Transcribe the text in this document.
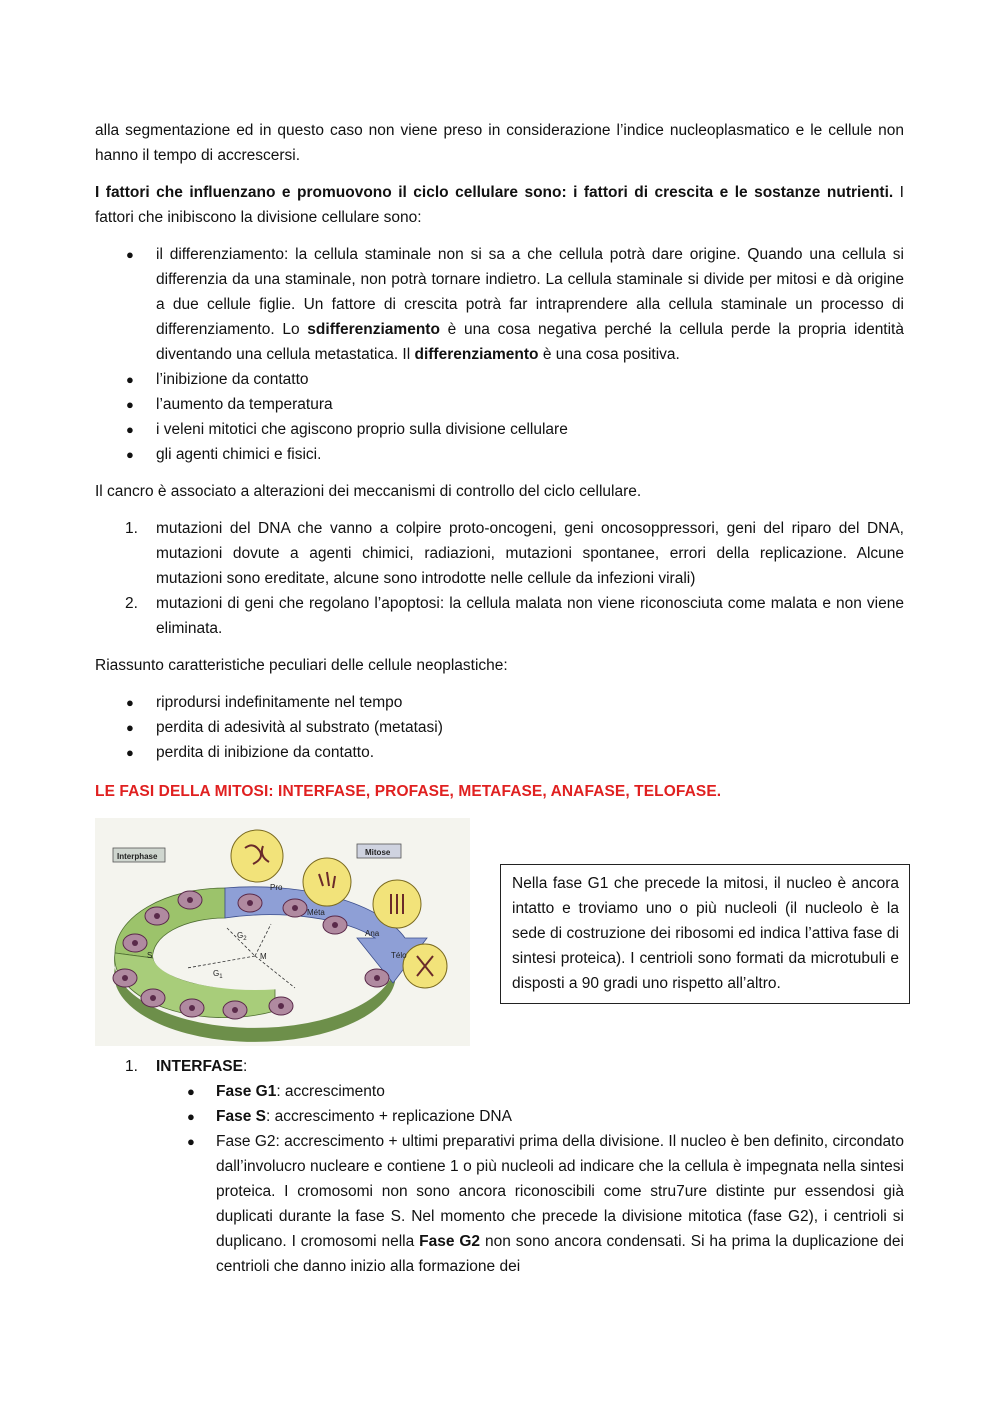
alla segmentazione ed in questo caso non viene preso in considerazione l’indice nucleoplasmatico e le cellule non hanno il tempo di accrescersi.

I fattori che influenzano e promuovono il ciclo cellulare sono: i fattori di crescita e le sostanze nutrienti. I fattori che inibiscono la divisione cellulare sono:

● il differenziamento: la cellula staminale non si sa a che cellula potrà dare origine. Quando una cellula si differenzia da una staminale, non potrà tornare indietro. La cellula staminale si divide per mitosi e dà origine a due cellule figlie. Un fattore di crescita potrà far intraprendere alla cellula staminale un processo di differenziamento. Lo sdifferenziamento è una cosa negativa perché la cellula perde la propria identità diventando una cellula metastatica. Il differenziamento è una cosa positiva.
● l’inibizione da contatto
● l’aumento da temperatura
● i veleni mitotici che agiscono proprio sulla divisione cellulare
● gli agenti chimici e fisici.

Il cancro è associato a alterazioni dei meccanismi di controllo del ciclo cellulare.

1. mutazioni del DNA che vanno a colpire proto-oncogeni, geni oncosoppressori, geni del riparo del DNA, mutazioni dovute a agenti chimici, radiazioni, mutazioni spontanee, errori della replicazione. Alcune mutazioni sono ereditate, alcune sono introdotte nelle cellule da infezioni virali)
2. mutazioni di geni che regolano l’apoptosi: la cellula malata non viene riconosciuta come malata e non viene eliminata.

Riassunto caratteristiche peculiari delle cellule neoplastiche:

● riprodursi indefinitamente nel tempo
● perdita di adesività al substrato (metatasi)
● perdita di inibizione da contatto.

LE FASI DELLA MITOSI: INTERFASE, PROFASE, METAFASE, ANAFASE, TELOFASE.

Interphase	Mitose
S	M
$G_2$
$G_1$
Pro
Méta
Ana
Télo
Nella fase G1 che precede la mitosi, il nucleo è ancora intatto e troviamo uno o più nucleoli (il nucleolo è la sede di costruzione dei ribosomi ed indica l’attiva fase di sintesi proteica). I centrioli sono formati da microtubuli e disposti a 90 gradi uno rispetto all’altro.
1. INTERFASE:
● Fase G1: accrescimento
● Fase S: accrescimento + replicazione DNA
● Fase G2: accrescimento + ultimi preparativi prima della divisione. Il nucleo è ben definito, circondato dall’involucro nucleare e contiene 1 o più nucleoli ad indicare che la cellula è impegnata nella sintesi proteica. I cromosomi non sono ancora riconoscibili come stru7ure distinte pur essendosi già duplicati durante la fase S. Nel momento che precede la divisione mitotica (fase G2), i centrioli si duplicano. I cromosomi nella Fase G2 non sono ancora condensati. Si ha prima la duplicazione dei centrioli che danno inizio alla formazione dei
